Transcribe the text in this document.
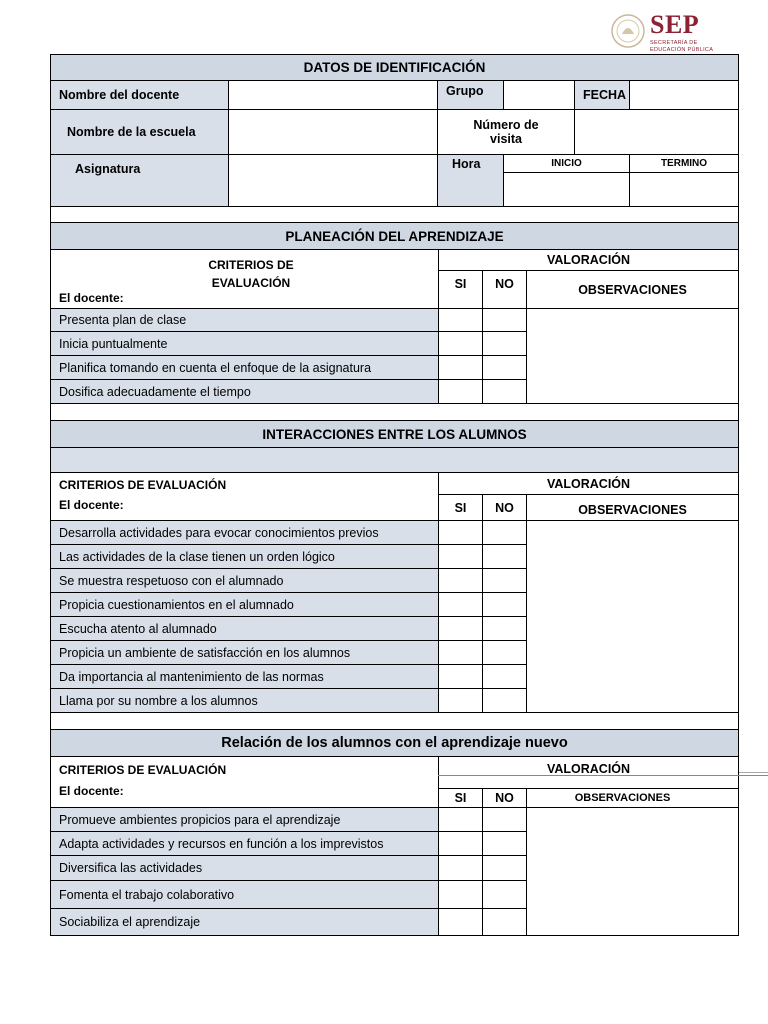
SEP
SECRETARÍA DE
EDUCACIÓN PÚBLICA
DATOS DE IDENTIFICACIÓN
Nombre del docente	Grupo	FECHA
Nombre de la escuela	Número de visita
Asignatura	Hora	INICIO	TERMINO
PLANEACIÓN DEL APRENDIZAJE
CRITERIOS DE EVALUACIÓN
El docente:
VALORACIÓN
SI	NO	OBSERVACIONES
Presenta plan de clase
Inicia puntualmente
Planifica tomando en cuenta el enfoque de la asignatura
Dosifica adecuadamente el tiempo
INTERACCIONES ENTRE LOS ALUMNOS
CRITERIOS DE EVALUACIÓN
El docente:
VALORACIÓN
SI	NO	OBSERVACIONES
Desarrolla actividades para evocar conocimientos previos
Las actividades de la clase tienen un orden lógico
Se muestra respetuoso con el alumnado
Propicia cuestionamientos en el alumnado
Escucha atento al alumnado
Propicia un ambiente de satisfacción en los alumnos
Da importancia al mantenimiento de las normas
Llama por su nombre a los alumnos
Relación de los alumnos con el aprendizaje nuevo
CRITERIOS DE EVALUACIÓN
El docente:
VALORACIÓN
SI	NO	OBSERVACIONES
Promueve ambientes propicios para el aprendizaje
Adapta actividades y recursos en función a los imprevistos
Diversifica las actividades
Fomenta el trabajo colaborativo
Sociabiliza el aprendizaje
